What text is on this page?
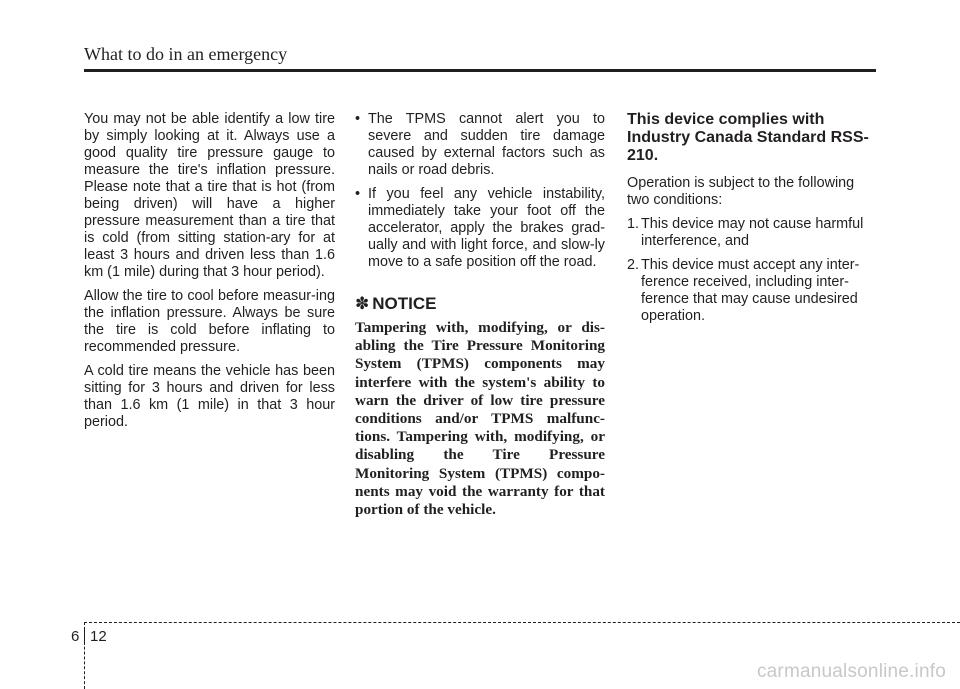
What to do in an emergency

You may not be able identify a low tire by simply looking at it. Always use a good quality tire pressure gauge to measure the tire's inflation pressure. Please note that a tire that is hot (from being driven) will have a higher pressure measurement than a tire that is cold (from sitting station-ary for at least 3 hours and driven less than 1.6 km (1 mile) during that 3 hour period).

Allow the tire to cool before measur-ing the inflation pressure. Always be sure the tire is cold before inflating to recommended pressure.

A cold tire means the vehicle has been sitting for 3 hours and driven for less than 1.6 km (1 mile) in that 3 hour period.

• The TPMS cannot alert you to severe and sudden tire damage caused by external factors such as nails or road debris.
• If you feel any vehicle instability, immediately take your foot off the accelerator, apply the brakes grad-ually and with light force, and slow-ly move to a safe position off the road.
✽ NOTICE

Tampering with, modifying, or dis-abling the Tire Pressure Monitoring System (TPMS) components may interfere with the system's ability to warn the driver of low tire pressure conditions and/or TPMS malfunc-tions. Tampering with, modifying, or disabling the Tire Pressure Monitoring System (TPMS) compo-nents may void the warranty for that portion of the vehicle.

This device complies with Industry Canada Standard RSS-210.

Operation is subject to the following two conditions:

1. This device may not cause harmful interference, and
2. This device must accept any inter-ference received, including inter-ference that may cause undesired operation.
6 12
carmanualsonline.info
